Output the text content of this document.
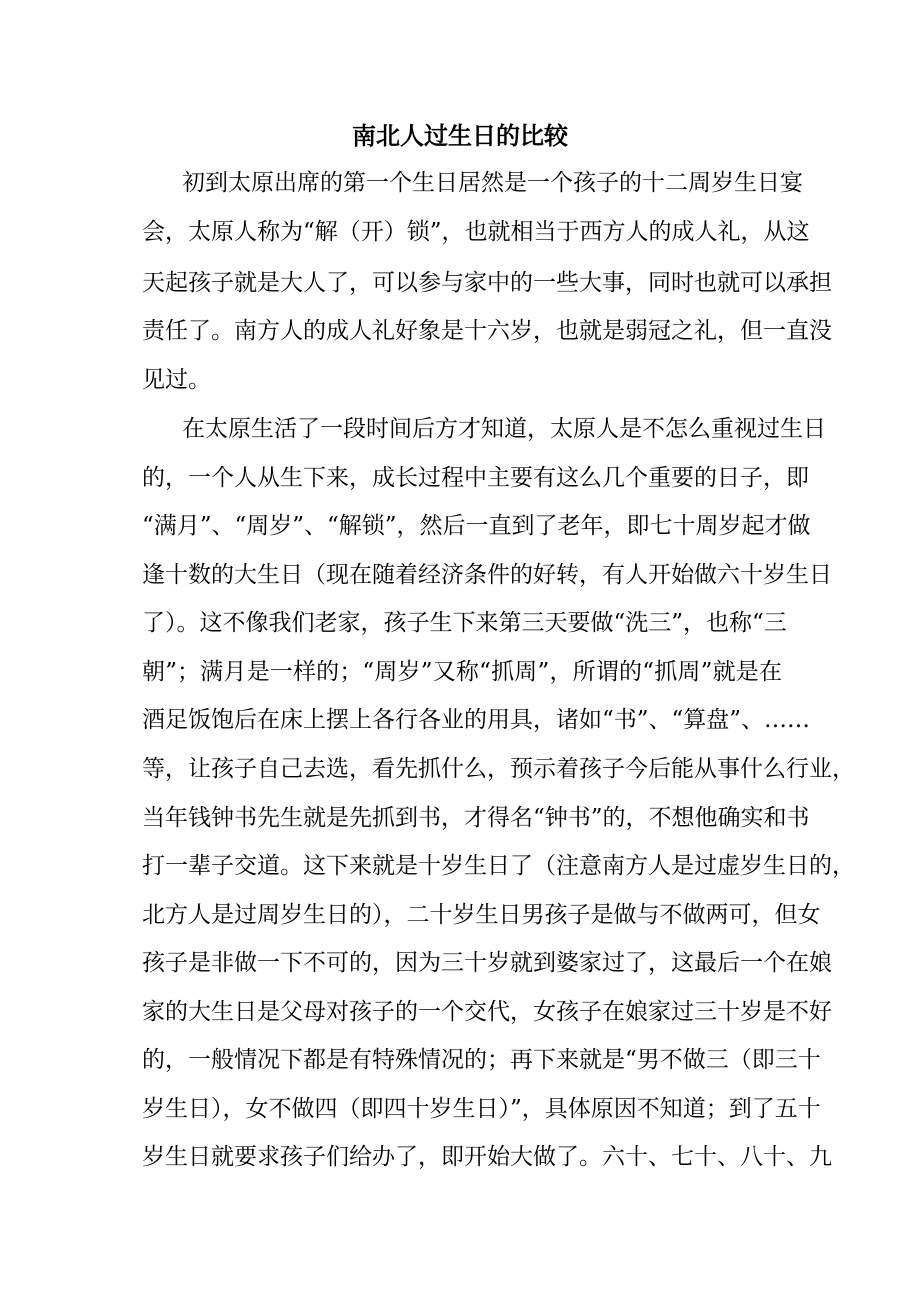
南北人过生日的比较
初到太原出席的第一个生日居然是一个孩子的十二周岁生日宴
会，太原人称为“解（开）锁”，也就相当于西方人的成人礼，从这
天起孩子就是大人了，可以参与家中的一些大事，同时也就可以承担
责任了。南方人的成人礼好象是十六岁，也就是弱冠之礼，但一直没
见过。
在太原生活了一段时间后方才知道，太原人是不怎么重视过生日
的，一个人从生下来，成长过程中主要有这么几个重要的日子，即
“满月”、“周岁”、“解锁”，然后一直到了老年，即七十周岁起才做
逢十数的大生日（现在随着经济条件的好转，有人开始做六十岁生日
了）。这不像我们老家，孩子生下来第三天要做“洗三”，也称“三
朝”；满月是一样的；“周岁”又称“抓周”，所谓的“抓周”就是在
酒足饭饱后在床上摆上各行各业的用具，诸如“书”、“算盘”、……
等，让孩子自己去选，看先抓什么，预示着孩子今后能从事什么行业，
当年钱钟书先生就是先抓到书，才得名“钟书”的，不想他确实和书
打一辈子交道。这下来就是十岁生日了（注意南方人是过虚岁生日的，
北方人是过周岁生日的），二十岁生日男孩子是做与不做两可，但女
孩子是非做一下不可的，因为三十岁就到婆家过了，这最后一个在娘
家的大生日是父母对孩子的一个交代，女孩子在娘家过三十岁是不好
的，一般情况下都是有特殊情况的；再下来就是“男不做三（即三十
岁生日），女不做四（即四十岁生日）”，具体原因不知道；到了五十
岁生日就要求孩子们给办了，即开始大做了。六十、七十、八十、九
